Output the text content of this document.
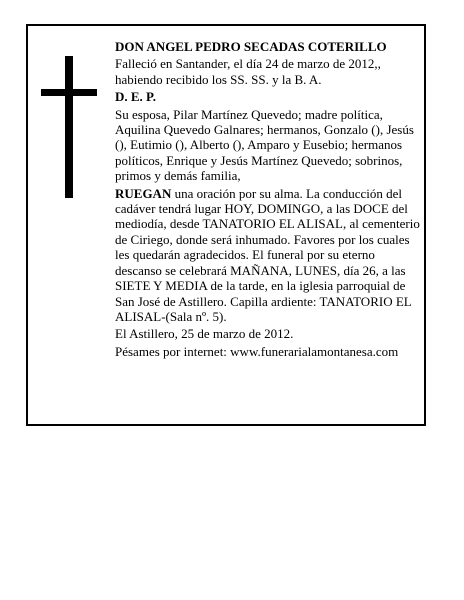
DON ANGEL PEDRO SECADAS COTERILLO

Falleció en Santander, el día 24 de marzo de 2012,, habiendo recibido los SS. SS. y la B. A.

D. E. P.

Su esposa, Pilar Martínez Quevedo; madre política, Aquilina Quevedo Galnares; hermanos, Gonzalo (), Jesús (), Eutimio (), Alberto (), Amparo y Eusebio; hermanos políticos, Enrique y Jesús Martínez Quevedo; sobrinos, primos y demás familia,

RUEGAN una oración por su alma. La conducción del cadáver tendrá lugar HOY, DOMINGO, a las DOCE del mediodía, desde TANATORIO EL ALISAL, al cementerio de Ciriego, donde será inhumado. Favores por los cuales les quedarán agradecidos. El funeral por su eterno descanso se celebrará MAÑANA, LUNES, día 26, a las SIETE Y MEDIA de la tarde, en la iglesia parroquial de San José de Astillero. Capilla ardiente: TANATORIO EL ALISAL-(Sala nº. 5).

El Astillero, 25 de marzo de 2012.

Pésames por internet: www.funerarialamontanesa.com
